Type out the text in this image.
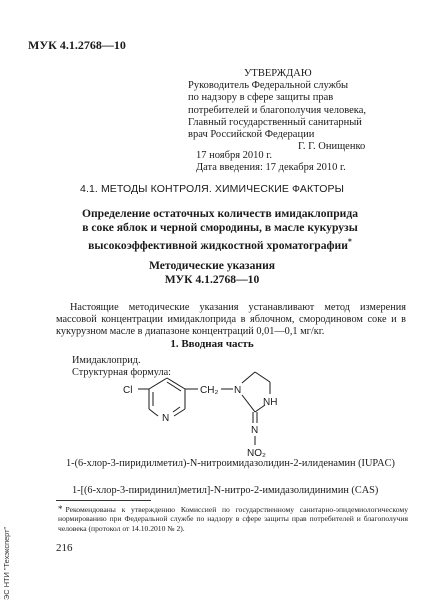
МУК 4.1.2768—10
УТВЕРЖДАЮ
Руководитель Федеральной службы
по надзору в сфере защиты прав
потребителей и благополучия человека,
Главный государственный санитарный
врач Российской Федерации
Г. Г. Онищенко
17 ноября 2010 г.
Дата введения: 17 декабря 2010 г.
4.1. МЕТОДЫ КОНТРОЛЯ. ХИМИЧЕСКИЕ ФАКТОРЫ
Определение остаточных количеств имидаклоприда
в соке яблок и черной смородины, в масле кукурузы
высокоэффективной жидкостной хроматографии*
Методические указания
МУК 4.1.2768—10
Настоящие методические указания устанавливают метод измерения массовой концентрации имидаклоприда в яблочном, смородиновом соке и в кукурузном масле в диапазоне концентраций 0,01—0,1 мг/кг.
1. Вводная часть
Имидаклоприд.
Структурная формула:
Cl
N
CH₂ N
NH
N
NO₂
1-(6-хлор-3-пиридилметил)-N-нитроимидазолидин-2-илиденамин (IUPAC)
1-[(6-хлор-3-пиридинил)метил]-N-нитро-2-имидазолидинимин (CAS)
* Рекомендованы к утверждению Комиссией по государственному санитарно-эпидемиологическому нормированию при Федеральной службе по надзору в сфере защиты прав потребителей и благополучия человека (протокол от 14.10.2010 № 2).
216
ЭС НТИ "Техэксперт"
